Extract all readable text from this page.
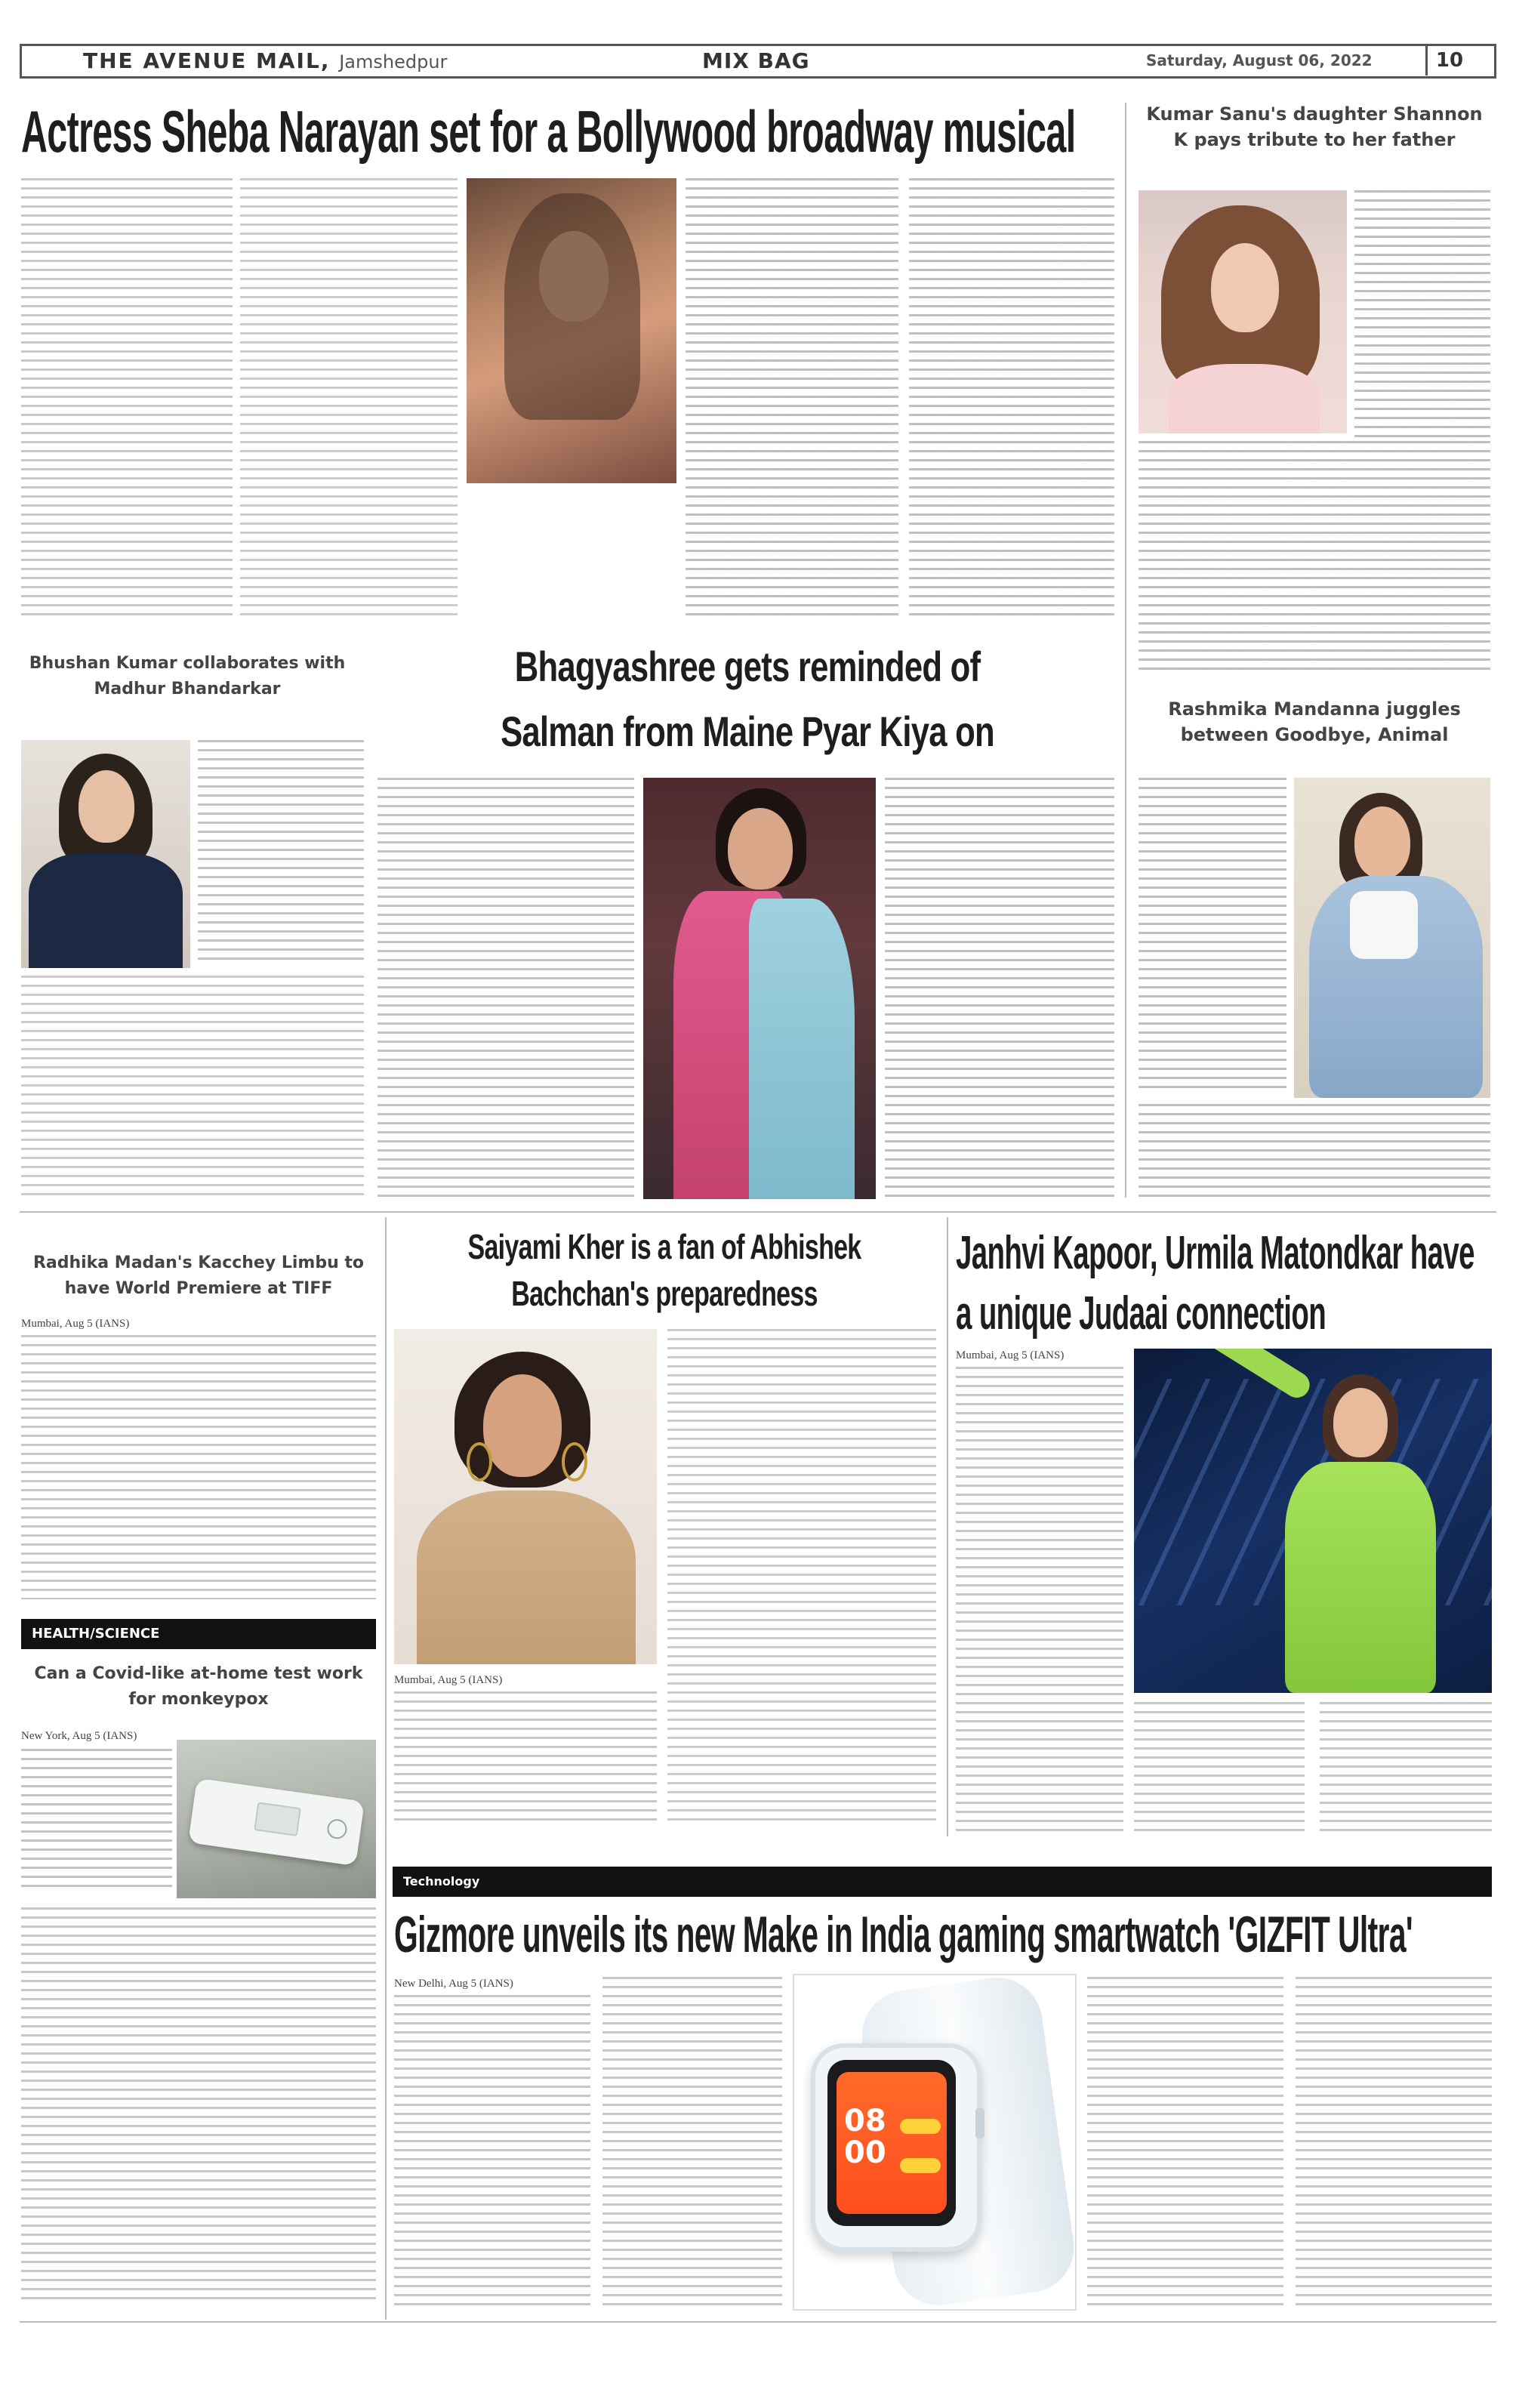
THE AVENUE MAIL, Jamshedpur	MIX BAG	Saturday, August 06, 2022	10
Actress Sheba Narayan set for a Bollywood broadway musical	Kumar Sanu's daughter Shannon K pays tribute to her father
Bhushan Kumar collaborates with Madhur Bhandarkar	Bhagyashree gets reminded of Salman from Maine Pyar Kiya on	Rashmika Mandanna juggles between Goodbye, Animal
Radhika Madan's Kacchey Limbu to have World Premiere at TIFF
Mumbai, Aug 5 (IANS)
HEALTH/SCIENCE
Can a Covid-like at-home test work for monkeypox
New York, Aug 5 (IANS)
Saiyami Kher is a fan of Abhishek Bachchan's preparedness
Mumbai, Aug 5 (IANS)
Janhvi Kapoor, Urmila Matondkar have a unique Judaai connection
Mumbai, Aug 5 (IANS)
Technology
Gizmore unveils its new Make in India gaming smartwatch 'GIZFIT Ultra'
New Delhi, Aug 5 (IANS)
08
00
